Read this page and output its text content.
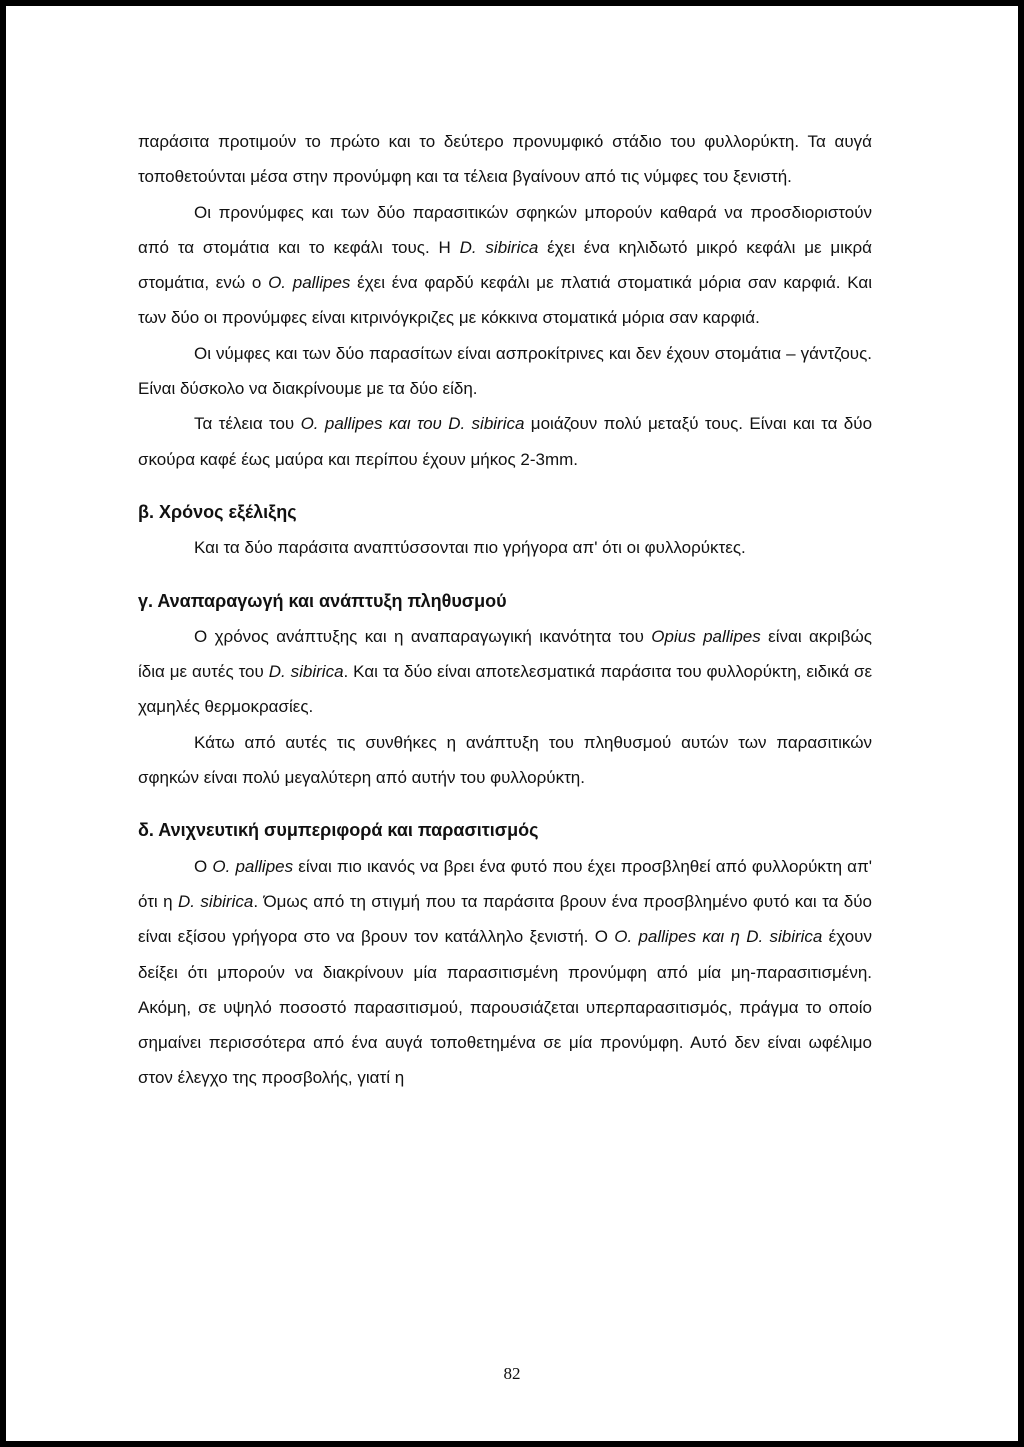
παράσιτα προτιμούν το πρώτο και το δεύτερο προνυμφικό στάδιο του φυλλορύκτη. Τα αυγά τοποθετούνται μέσα στην προνύμφη και τα τέλεια βγαίνουν από τις νύμφες του ξενιστή.

Οι προνύμφες και των δύο παρασιτικών σφηκών μπορούν καθαρά να προσδιοριστούν από τα στομάτια και το κεφάλι τους. Η D. sibirica έχει ένα κηλιδωτό μικρό κεφάλι με μικρά στομάτια, ενώ ο O. pallipes έχει ένα φαρδύ κεφάλι με πλατιά στοματικά μόρια σαν καρφιά. Και των δύο οι προνύμφες είναι κιτρινόγκριζες με κόκκινα στοματικά μόρια σαν καρφιά.

Οι νύμφες και των δύο παρασίτων είναι ασπροκίτρινες και δεν έχουν στομάτια – γάντζους. Είναι δύσκολο να διακρίνουμε με τα δύο είδη.

Τα τέλεια του O. pallipes και του D. sibirica μοιάζουν πολύ μεταξύ τους. Είναι και τα δύο σκούρα καφέ έως μαύρα και περίπου έχουν μήκος 2-3mm.

β. Χρόνος εξέλιξης

Και τα δύο παράσιτα αναπτύσσονται πιο γρήγορα απ' ότι οι φυλλορύκτες.

γ. Αναπαραγωγή και ανάπτυξη πληθυσμού

Ο χρόνος ανάπτυξης και η αναπαραγωγική ικανότητα του Opius pallipes είναι ακριβώς ίδια με αυτές του D. sibirica. Και τα δύο είναι αποτελεσματικά παράσιτα του φυλλορύκτη, ειδικά σε χαμηλές θερμοκρασίες.

Κάτω από αυτές τις συνθήκες η ανάπτυξη του πληθυσμού αυτών των παρασιτικών σφηκών είναι πολύ μεγαλύτερη από αυτήν του φυλλορύκτη.

δ. Ανιχνευτική συμπεριφορά και παρασιτισμός

Ο O. pallipes είναι πιο ικανός να βρει ένα φυτό που έχει προσβληθεί από φυλλορύκτη απ' ότι η D. sibirica. Όμως από τη στιγμή που τα παράσιτα βρουν ένα προσβλημένο φυτό και τα δύο είναι εξίσου γρήγορα στο να βρουν τον κατάλληλο ξενιστή. Ο O. pallipes και η D. sibirica έχουν δείξει ότι μπορούν να διακρίνουν μία παρασιτισμένη προνύμφη από μία μη-παρασιτισμένη. Ακόμη, σε υψηλό ποσοστό παρασιτισμού, παρουσιάζεται υπερπαρασιτισμός, πράγμα το οποίο σημαίνει περισσότερα από ένα αυγά τοποθετημένα σε μία προνύμφη. Αυτό δεν είναι ωφέλιμο στον έλεγχο της προσβολής, γιατί η

82
